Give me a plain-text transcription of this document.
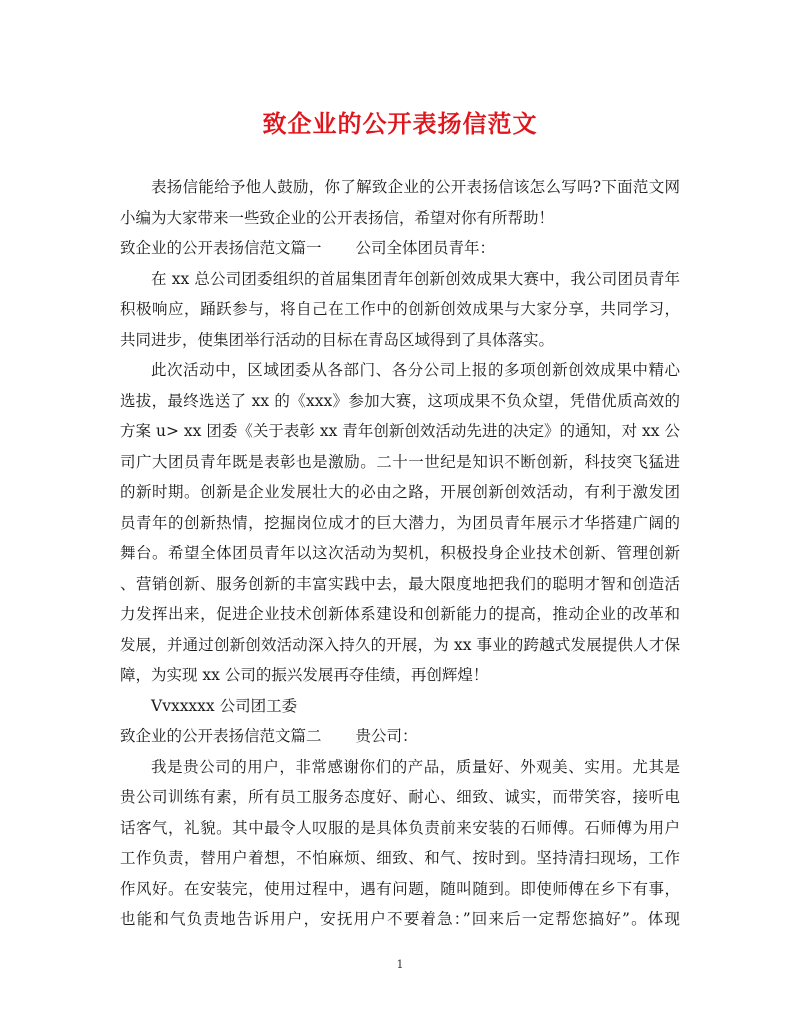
致企业的公开表扬信范文
表扬信能给予他人鼓励，你了解致企业的公开表扬信该怎么写吗?下面范文网
小编为大家带来一些致企业的公开表扬信，希望对你有所帮助！
致企业的公开表扬信范文篇一 公司全体团员青年：
在 xx 总公司团委组织的首届集团青年创新创效成果大赛中，我公司团员青年
积极响应，踊跃参与，将自己在工作中的创新创效成果与大家分享，共同学习，
共同进步，使集团举行活动的目标在青岛区域得到了具体落实。
此次活动中，区域团委从各部门、各分公司上报的多项创新创效成果中精心
选拔，最终选送了 xx 的《xxx》参加大赛，这项成果不负众望，凭借优质高效的
方案 u> xx 团委《关于表彰 xx 青年创新创效活动先进的决定》的通知，对 xx 公
司广大团员青年既是表彰也是激励。二十一世纪是知识不断创新，科技突飞猛进
的新时期。创新是企业发展壮大的必由之路，开展创新创效活动，有利于激发团
员青年的创新热情，挖掘岗位成才的巨大潜力，为团员青年展示才华搭建广阔的
舞台。希望全体团员青年以这次活动为契机，积极投身企业技术创新、管理创新
、营销创新、服务创新的丰富实践中去，最大限度地把我们的聪明才智和创造活
力发挥出来，促进企业技术创新体系建设和创新能力的提高，推动企业的改革和
发展，并通过创新创效活动深入持久的开展，为 xx 事业的跨越式发展提供人才保
障，为实现 xx 公司的振兴发展再夺佳绩，再创辉煌！
Vvxxxxx 公司团工委
致企业的公开表扬信范文篇二 贵公司：
我是贵公司的用户，非常感谢你们的产品，质量好、外观美、实用。尤其是
贵公司训练有素，所有员工服务态度好、耐心、细致、诚实，而带笑容，接听电
话客气，礼貌。其中最令人叹服的是具体负责前来安装的石师傅。石师傅为用户
工作负责，替用户着想，不怕麻烦、细致、和气、按时到。坚持清扫现场，工作
作风好。在安装完，使用过程中，遇有问题，随叫随到。即使师傅在乡下有事，
也能和气负责地告诉用户，安抚用户不要着急：”回来后一定帮您搞好”。体现
1
